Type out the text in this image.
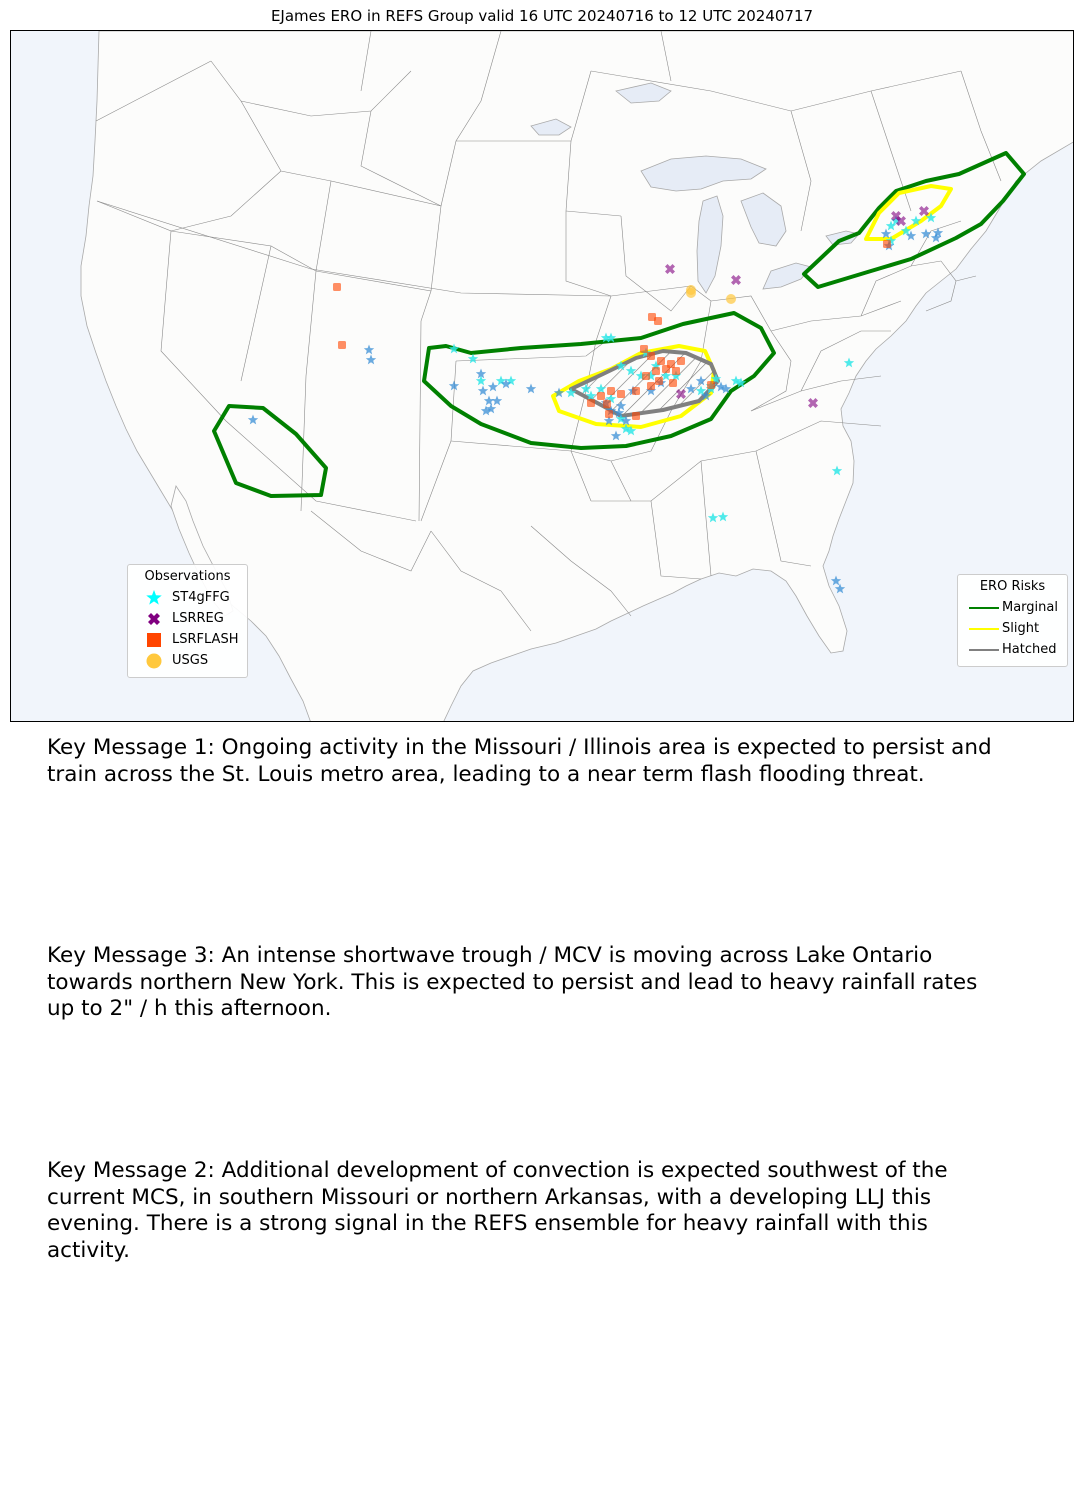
EJames ERO in REFS Group valid 16 UTC 20240716 to 12 UTC 20240717
Observations
ST4gFFG
LSRREG
LSRFLASH
USGS
ERO Risks
Marginal
Slight
Hatched
Key Message 1: Ongoing activity in the Missouri / Illinois area is expected to persist and train across the St. Louis metro area, leading to a near term flash flooding threat.
Key Message 3: An intense shortwave trough / MCV is moving across Lake Ontario towards northern New York. This is expected to persist and lead to heavy rainfall rates up to 2" / h this afternoon.
Key Message 2: Additional development of convection is expected southwest of the current MCS, in southern Missouri or northern Arkansas, with a developing LLJ this evening. There is a strong signal in the REFS ensemble for heavy rainfall with this activity.
